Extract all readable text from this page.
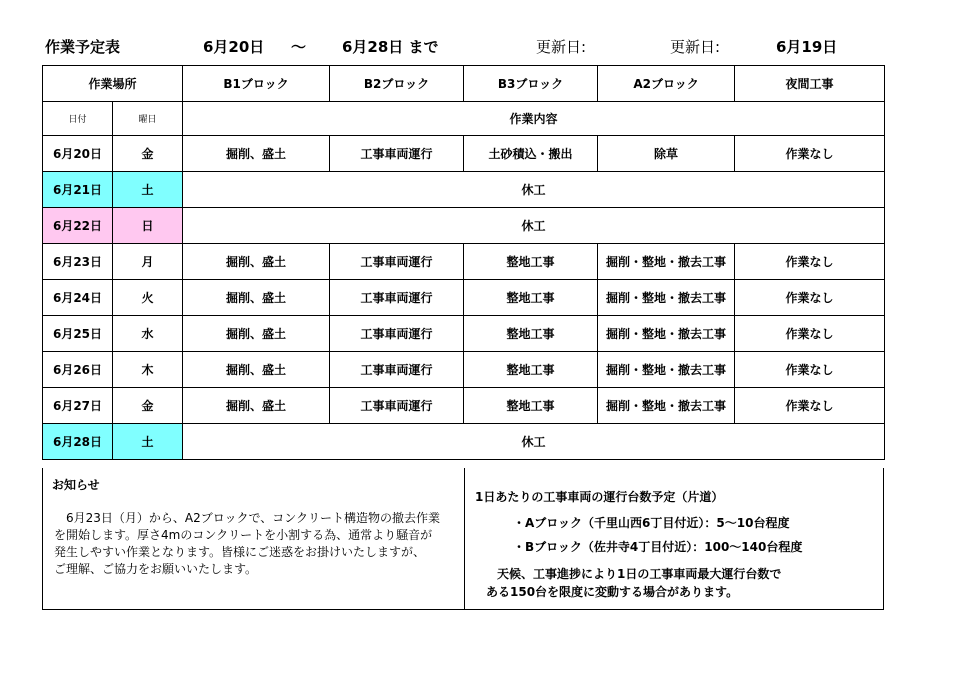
作業予定表	6月20日 ～ 6月28日 まで	更新日:	更新日:	6月19日
作業場所		B1ブロック	B2ブロック	B3ブロック	A2ブロック	夜間工事
日付	曜日	作業内容				
6月20日	金	掘削、盛土	工事車両運行	土砂積込・搬出	除草	作業なし
6月21日	土	休工				
6月22日	日	休工				
6月23日	月	掘削、盛土	工事車両運行	整地工事	掘削・整地・撤去工事	作業なし
6月24日	火	掘削、盛土	工事車両運行	整地工事	掘削・整地・撤去工事	作業なし
6月25日	水	掘削、盛土	工事車両運行	整地工事	掘削・整地・撤去工事	作業なし
6月26日	木	掘削、盛土	工事車両運行	整地工事	掘削・整地・撤去工事	作業なし
6月27日	金	掘削、盛土	工事車両運行	整地工事	掘削・整地・撤去工事	作業なし
6月28日	土	休工				
お知らせ
　6月23日（月）から、A2ブロックで、コンクリート構造物の撤去作業
を開始します。厚さ4mのコンクリートを小割する為、通常より騒音が
発生しやすい作業となります。皆様にご迷惑をお掛けいたしますが、
ご理解、ご協力をお願いいたします。
1日あたりの工事車両の運行台数予定（片道）
・Aブロック（千里山西6丁目付近）：5～10台程度
・Bブロック（佐井寺4丁目付近）：100～140台程度
天候、工事進捗により1日の工事車両最大運行台数で
ある150台を限度に変動する場合があります。
